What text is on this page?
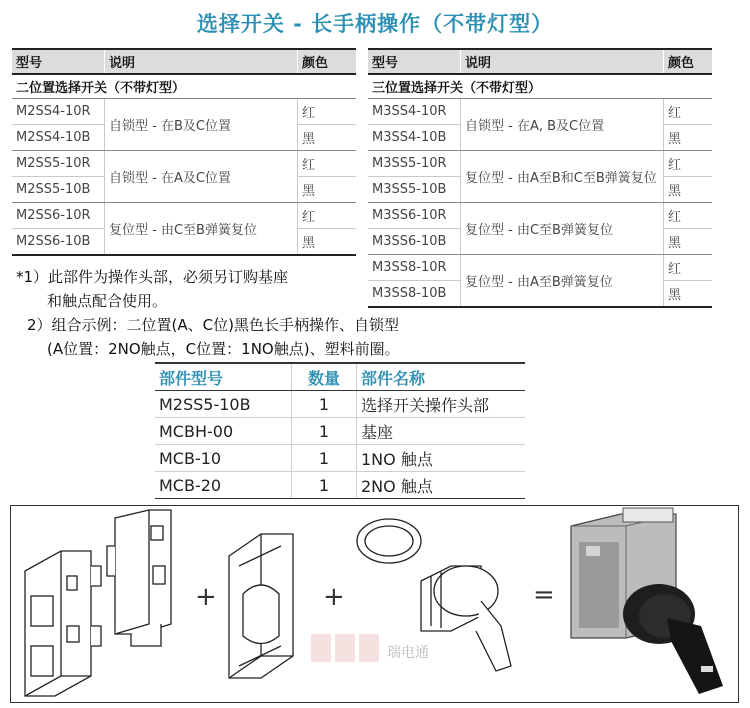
选择开关 - 长手柄操作（不带灯型）
型号	说明	颜色
二位置选择开关（不带灯型）		
M2SS4-10R	自锁型 - 在B及C位置	红
M2SS4-10B		黑
M2SS5-10R	自锁型 - 在A及C位置	红
M2SS5-10B		黑
M2SS6-10R	复位型 - 由C至B弹簧复位	红
M2SS6-10B		黑
型号	说明	颜色
三位置选择开关（不带灯型）		
M3SS4-10R	自锁型 - 在A, B及C位置	红
M3SS4-10B		黑
M3SS5-10R	复位型 - 由A至B和C至B弹簧复位	红
M3SS5-10B		黑
M3SS6-10R	复位型 - 由C至B弹簧复位	红
M3SS6-10B		黑
M3SS8-10R	复位型 - 由A至B弹簧复位	红
M3SS8-10B		黑
*1）此部件为操作头部，必须另订购基座
和触点配合使用。
2）组合示例：二位置(A、C位)黑色长手柄操作、自锁型
(A位置：2NO触点，C位置：1NO触点)、塑料前圈。
部件型号	数量	部件名称
M2SS5-10B	1	选择开关操作头部
MCBH-00	1	基座
MCB-10	1	1NO 触点
MCB-20	1	2NO 触点
+	+	=
瑞电通
